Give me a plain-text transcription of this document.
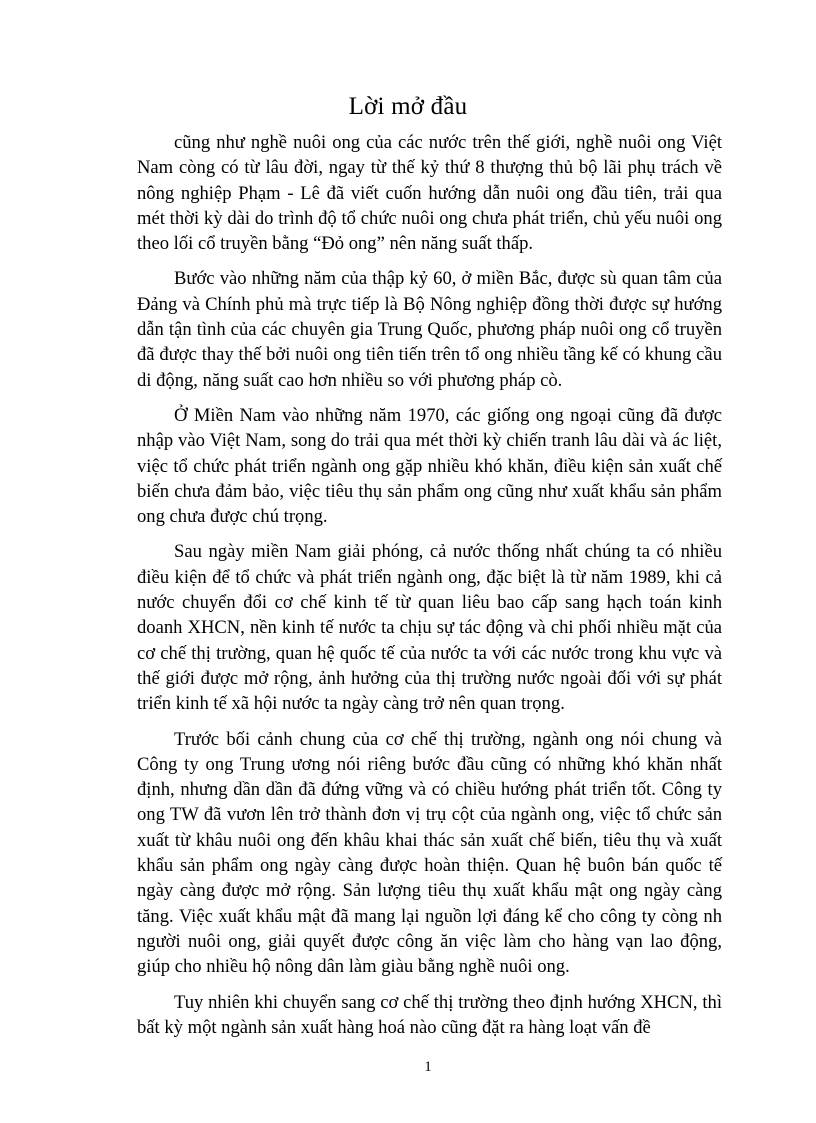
Lời mở đầu

cũng như nghề nuôi ong của các nước trên thế giới, nghề nuôi ong Việt Nam còng có từ lâu đời, ngay từ thế kỷ thứ 8 thượng thủ bộ lãi phụ trách về nông nghiệp Phạm - Lê đã viết cuốn hướng dẫn nuôi ong đầu tiên, trải qua mét thời kỳ dài do trình độ tổ chức nuôi ong chưa phát triển, chủ yếu nuôi ong theo lối cổ truyền bằng “Đỏ ong” nên năng suất thấp.

Bước vào những năm của thập kỷ 60, ở miền Bắc, được sù quan tâm của Đảng và Chính phủ mà trực tiếp là Bộ Nông nghiệp đồng thời được sự hướng dẫn tận tình của các chuyên gia Trung Quốc, phương pháp nuôi ong cổ truyền đã được thay thế bởi nuôi ong tiên tiến trên tổ ong nhiều tầng kế có khung cầu di động, năng suất cao hơn nhiều so với phương pháp cò.

Ở Miền Nam vào những năm 1970, các giống ong ngoại cũng đã được nhập vào Việt Nam, song do trải qua mét thời kỳ chiến tranh lâu dài và ác liệt, việc tổ chức phát triển ngành ong gặp nhiều khó khăn, điều kiện sản xuất chế biến chưa đảm bảo, việc tiêu thụ sản phẩm ong cũng như xuất khẩu sản phẩm ong chưa được chú trọng.

Sau ngày miền Nam giải phóng, cả nước thống nhất chúng ta có nhiều điều kiện để tổ chức và phát triển ngành ong, đặc biệt là từ năm 1989, khi cả nước chuyển đổi cơ chế kinh tế từ quan liêu bao cấp sang hạch toán kinh doanh XHCN, nền kinh tế nước ta chịu sự tác động và chi phối nhiều mặt của cơ chế thị trường, quan hệ quốc tế của nước ta với các nước trong khu vực và thế giới được mở rộng, ảnh hưởng của thị trường nước ngoài đối với sự phát triển kinh tế xã hội nước ta ngày càng trở nên quan trọng.

Trước bối cảnh chung của cơ chế thị trường, ngành ong nói chung và Công ty ong Trung ương nói riêng bước đầu cũng có những khó khăn nhất định, nhưng dần dần đã đứng vững và có chiều hướng phát triển tốt. Công ty ong TW đã vươn lên trở thành đơn vị trụ cột của ngành ong, việc tổ chức sản xuất từ khâu nuôi ong đến khâu khai thác sản xuất chế biến, tiêu thụ và xuất khẩu sản phẩm ong ngày càng được hoàn thiện. Quan hệ buôn bán quốc tế ngày càng được mở rộng. Sản lượng tiêu thụ xuất khẩu mật ong ngày càng tăng. Việc xuất khẩu mật đã mang lại nguồn lợi đáng kể cho công ty còng nh người nuôi ong, giải quyết được công ăn việc làm cho hàng vạn lao động, giúp cho nhiều hộ nông dân làm giàu bằng nghề nuôi ong.

Tuy nhiên khi chuyển sang cơ chế thị trường theo định hướng XHCN, thì bất kỳ một ngành sản xuất hàng hoá nào cũng đặt ra hàng loạt vấn đề

1
